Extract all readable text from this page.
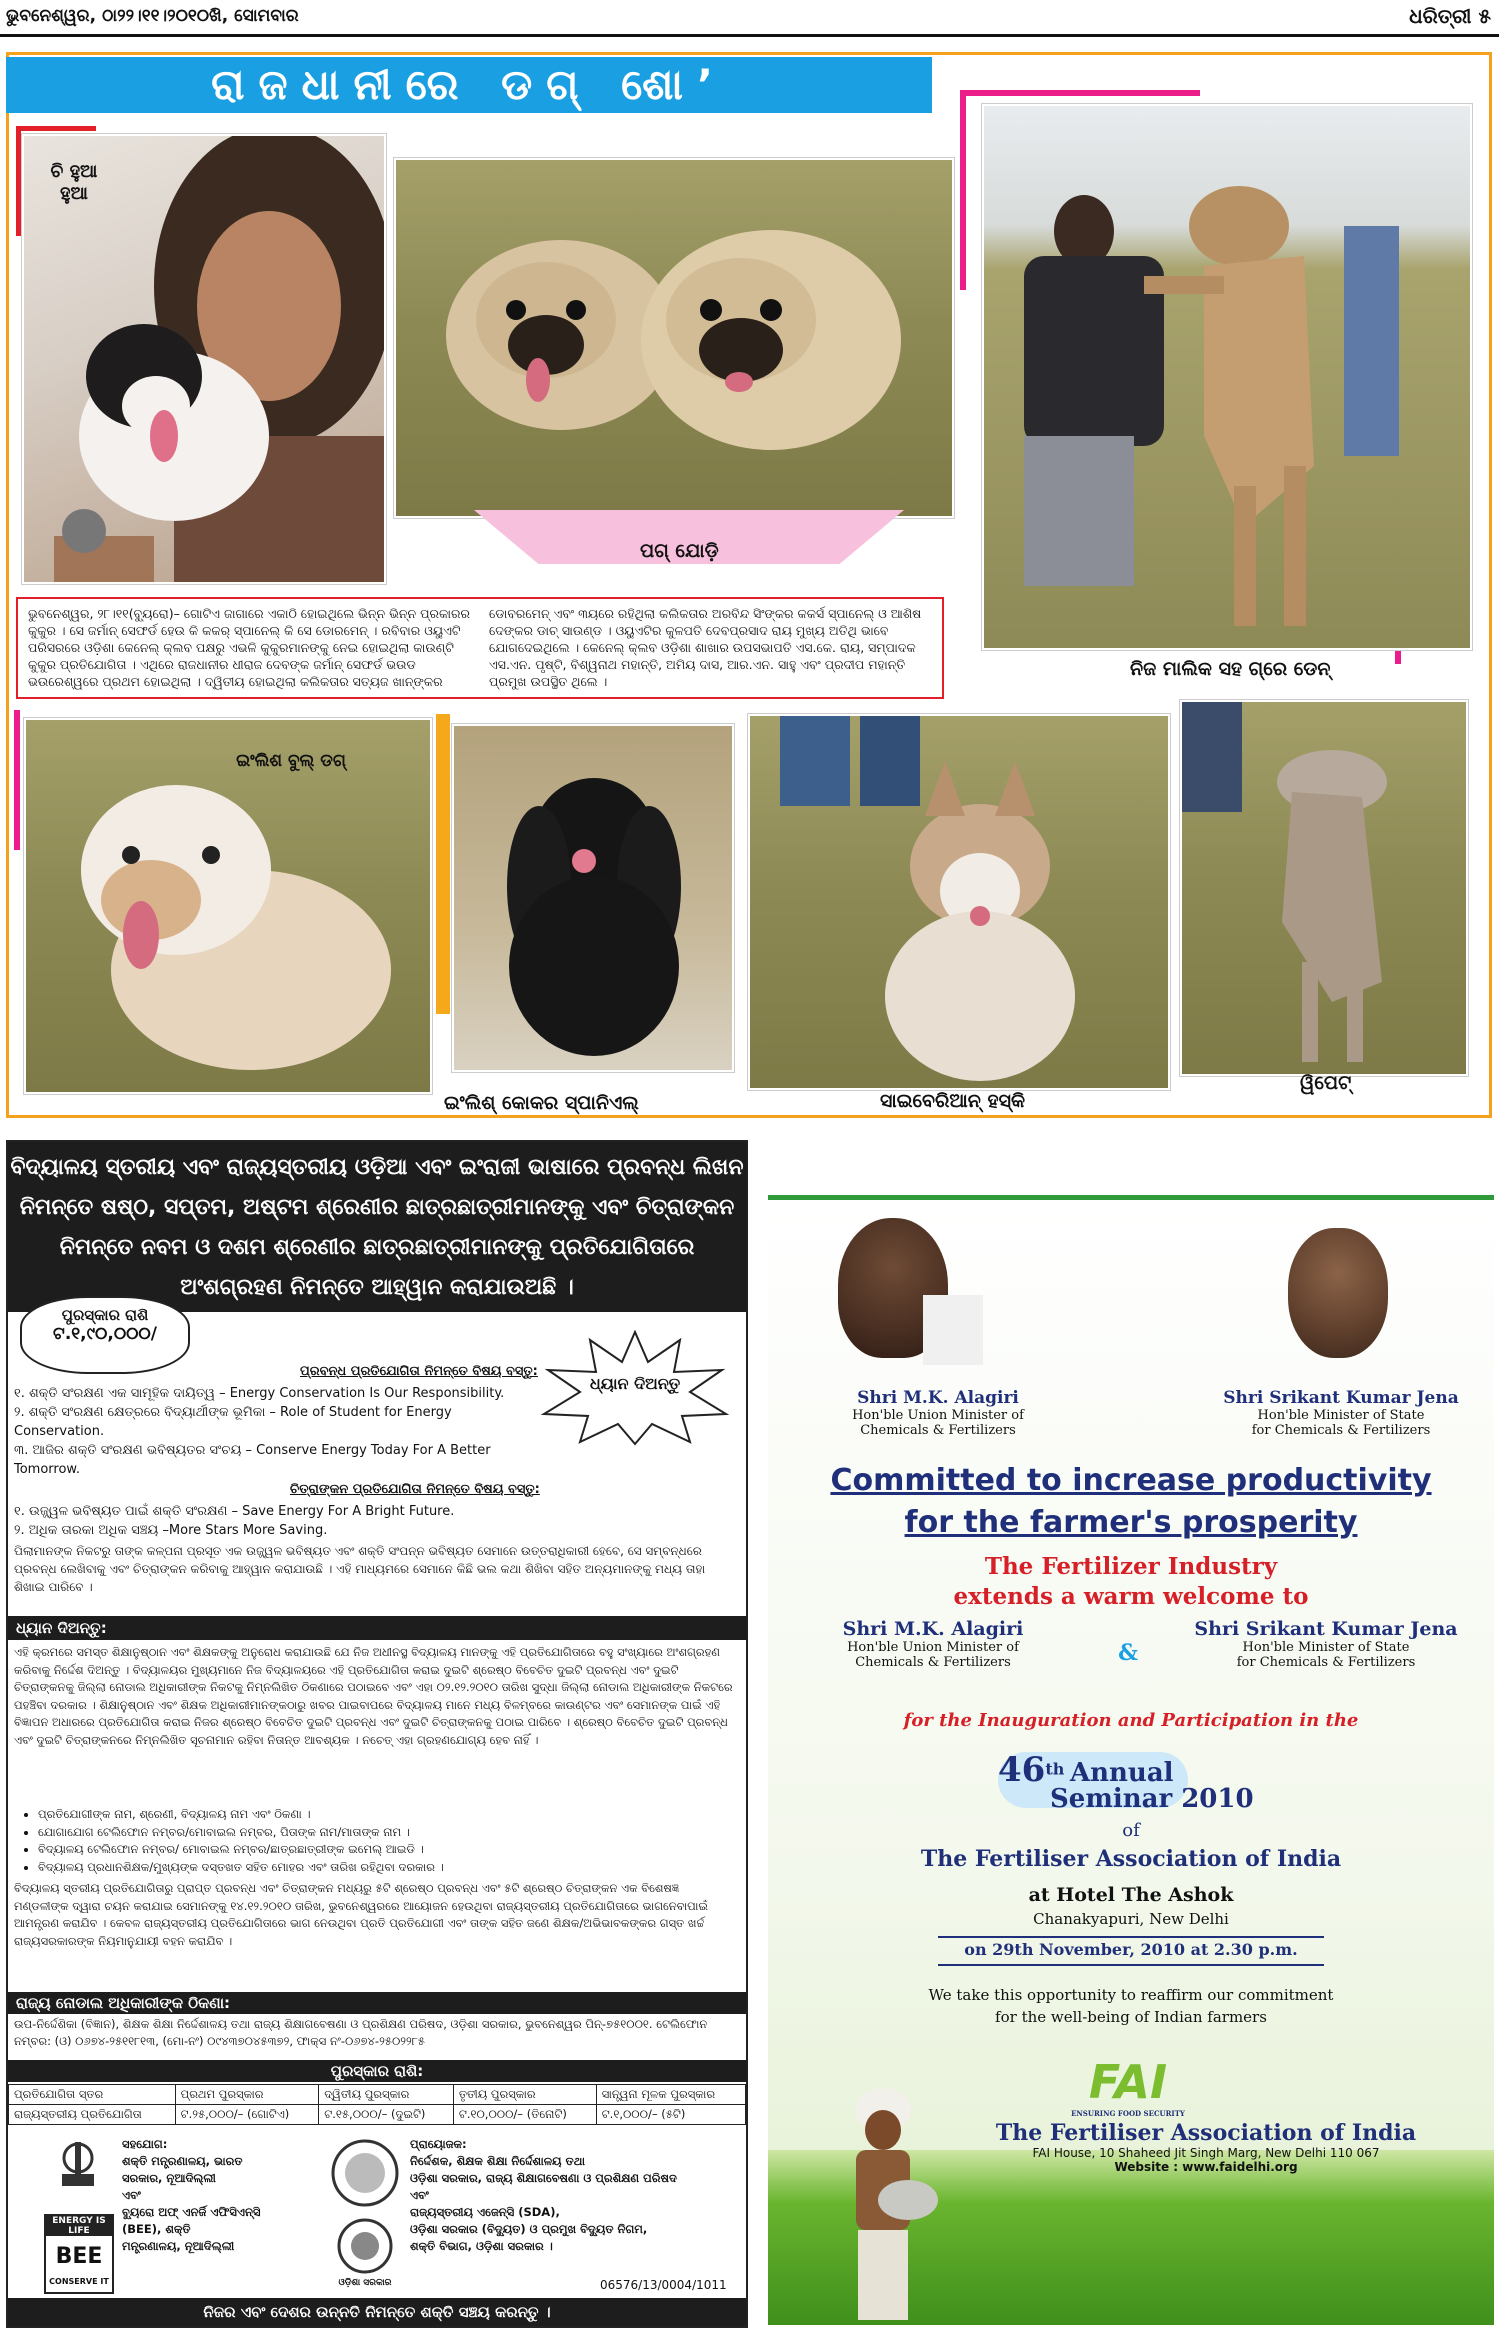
ଭୁବନେଶ୍ୱର, ଠା୨୨।୧୧।୨୦୧୦ଖି, ସୋମବାର	ଧରିତ୍ରୀ ୫
ରାଜଧାନୀରେ ଡଗ୍ ଶୋ’
ଚି ହୁଆ ହୁଆ
ପଗ୍ ଯୋଡ଼ି
ନିଜ ମାଲିକ ସହ ଗ୍ରେ ଡେନ୍
ଭୁବନେଶ୍ୱର, ୨୮।୧୧(ବ୍ୟୁରୋ)– ଗୋଟିଏ ଜାଗାରେ ଏକାଠି ହୋଇଥିଲେ ଭିନ୍ନ ଭିନ୍ନ ପ୍ରକାରର କୁକୁର । ସେ ଜର୍ମାନ୍ ସେଫର୍ଡ ହେଉ କି କକର୍ ସ୍ପାନେଲ୍ କି ସେ ଡୋରମେନ୍ । ରବିବାର ଓୟୁଏଟି ପରିସରରେ ଓଡ଼ିଶା କେନେଲ୍ କ୍ଲବ ପକ୍ଷରୁ ଏଭଳି କୁକୁରମାନଙ୍କୁ ନେଇ ହୋଇଥିଲା କାଉଣ୍ଟି କୁକୁର ପ୍ରତିଯୋଗିତା । ଏଥିରେ ରାଜଧାନୀର ଧୀରାଜ ଦେବଙ୍କ ଜର୍ମାନ୍ ସେଫର୍ଡ ଭଉଡ ଭଉରେଶ୍ୱରେ ପ୍ରଥମ ହୋଇଥିଲା । ଦ୍ୱିତୀୟ ହୋଇଥିଲା କଲିକତାର ସତ୍ୟଜ ଖାନ୍ଙ୍କର ଡୋବରମେନ୍ ଏବଂ ୩ୟରେ ରହିଥିଲା କଲିକତାର ଅରବିନ୍ଦ ସିଂଙ୍କର କକର୍ସ ସ୍ପାନେଲ୍ ଓ ଆଶିଷ ଦେଙ୍କର ଡାଚ୍ ସାଉଣ୍ଡ । ଓୟୁଏଟିର କୁଳପତି ଦେବପ୍ରସାଦ ରାୟ ମୁଖ୍ୟ ଅତିଥି ଭାବେ ଯୋଗଦେଇଥିଲେ । କେନେଲ୍ କ୍ଲବ ଓଡ଼ିଶା ଶାଖାର ଉପସଭାପତି ଏସ.କେ. ରାୟ, ସମ୍ପାଦକ ଏସ.ଏନ. ପୃଷ୍ଟି, ବିଶ୍ୱନାଥ ମହାନ୍ତି, ଅମିୟ ଦାସ, ଆର.ଏନ. ସାହୁ ଏବଂ ପ୍ରଦୀପ ମହାନ୍ତି ପ୍ରମୁଖ ଉପସ୍ଥିତ ଥିଲେ ।
ଇଂଲିଶ ବୁଲ୍ ଡଗ୍
ଇଂଲିଶ୍ କୋକର ସ୍ପାନିଏଲ୍	ସାଇବେରିଆନ୍ ହସ୍କି
ୱିପେଟ୍
ବିଦ୍ୟାଳୟ ସ୍ତରୀୟ ଏବଂ ରାଜ୍ୟସ୍ତରୀୟ ଓଡ଼ିଆ ଏବଂ ଇଂରାଜୀ ଭାଷାରେ ପ୍ରବନ୍ଧ ଲିଖନ ନିମନ୍ତେ ଷଷ୍ଠ, ସପ୍ତମ, ଅଷ୍ଟମ ଶ୍ରେଣୀର ଛାତ୍ରଛାତ୍ରୀମାନଙ୍କୁ ଏବଂ ଚିତ୍ରାଙ୍କନ ନିମନ୍ତେ ନବମ ଓ ଦଶମ ଶ୍ରେଣୀର ଛାତ୍ରଛାତ୍ରୀମାନଙ୍କୁ ପ୍ରତିଯୋଗିତାରେ ଅଂଶଗ୍ରହଣ ନିମନ୍ତେ ଆହ୍ୱାନ କରାଯାଉଅଛି ।
ପୁରସ୍କାର ରାଶି
ଟ.୧,୯୦,୦୦୦/
ଧ୍ୟାନ ଦିଅନ୍ତୁ
ପ୍ରବନ୍ଧ ପ୍ରତିଯୋଗିତା ନିମନ୍ତେ ବିଷୟ ବସ୍ତୁ:
୧. ଶକ୍ତି ସଂରକ୍ଷଣ ଏକ ସାମୂହିକ ଦାୟିତ୍ୱ – Energy Conservation Is Our Responsibility.
୨. ଶକ୍ତି ସଂରକ୍ଷଣ କ୍ଷେତ୍ରରେ ବିଦ୍ୟାର୍ଥୀଙ୍କ ଭୂମିକା – Role of Student for Energy Conservation.
୩. ଆଜିର ଶକ୍ତି ସଂରକ୍ଷଣ ଭବିଷ୍ୟତର ସଂଚୟ – Conserve Energy Today For A Better Tomorrow.
ଚିତ୍ରାଙ୍କନ ପ୍ରତିଯୋଗିତା ନିମନ୍ତେ ବିଷୟ ବସ୍ତୁ:
୧. ଉଜ୍ଜ୍ୱଳ ଭବିଷ୍ୟତ ପାଇଁ ଶକ୍ତି ସଂରକ୍ଷଣ – Save Energy For A Bright Future.
୨. ଅଧିକ ତାରକା ଅଧିକ ସଞ୍ଚୟ –More Stars More Saving.
ପିଲାମାନଙ୍କ ନିକଟରୁ ତାଙ୍କ କଳ୍ପନା ପ୍ରସୂତ ଏକ ଉଜ୍ଜ୍ୱଳ ଭବିଷ୍ୟତ ଏବଂ ଶକ୍ତି ସଂପନ୍ନ ଭବିଷ୍ୟତ ସେମାନେ ଉତ୍ତରାଧିକାରୀ ହେବେ, ସେ ସମ୍ବନ୍ଧରେ ପ୍ରବନ୍ଧ ଲେଖିବାକୁ ଏବଂ ଚିତ୍ରାଙ୍କନ କରିବାକୁ ଆହ୍ୱାନ କରାଯାଉଛି । ଏହି ମାଧ୍ୟମରେ ସେମାନେ କିଛି ଭଲ କଥା ଶିଖିବା ସହିତ ଅନ୍ୟମାନଙ୍କୁ ମଧ୍ୟ ତାହା ଶିଖାଇ ପାରିବେ ।
ଧ୍ୟାନ ଦିଅନ୍ତୁ:
ଏହି କ୍ରମରେ ସମସ୍ତ ଶିକ୍ଷାନୁଷ୍ଠାନ ଏବଂ ଶିକ୍ଷକଙ୍କୁ ଅନୁରୋଧ କରାଯାଉଛି ଯେ ନିଜ ଅଧୀନସ୍ଥ ବିଦ୍ୟାଳୟ ମାନଙ୍କୁ ଏହି ପ୍ରତିଯୋଗିତାରେ ବହୁ ସଂଖ୍ୟାରେ ଅଂଶଗ୍ରହଣ କରିବାକୁ ନିର୍ଦ୍ଦେଶ ଦିଅନ୍ତୁ । ବିଦ୍ୟାଳୟର ମୁଖ୍ୟମାନେ ନିଜ ବିଦ୍ୟାଳୟରେ ଏହି ପ୍ରତିଯୋଗିତା କରାଇ ଦୁଇଟି ଶ୍ରେଷ୍ଠ ବିବେଚିତ ଦୁଇଟି ପ୍ରବନ୍ଧ ଏବଂ ଦୁଇଟି ଚିତ୍ରାଙ୍କନକୁ ଜିଲ୍ଲା ନୋଡାଲ ଅଧିକାରୀଙ୍କ ନିକଟକୁ ନିମ୍ନଲିଖିତ ଠିକଣାରେ ପଠାଇବେ ଏବଂ ଏହା ୦୨.୧୨.୨୦୧୦ ତାରିଖ ସୁଦ୍ଧା ଜିଲ୍ଲା ନୋଡାଲ ଅଧିକାରୀଙ୍କ ନିକଟରେ ପହଞ୍ଚିବା ଦରକାର । ଶିକ୍ଷାନୁଷ୍ଠାନ ଏବଂ ଶିକ୍ଷକ ଅଧିକାରୀମାନଙ୍କଠାରୁ ଖବର ପାଇବାପରେ ବିଦ୍ୟାଳୟ ମାନେ ମଧ୍ୟ ବିଳମ୍ବରେ କାଉଣ୍ଟର ଏବଂ ସେମାନଙ୍କ ପାଇଁ ଏହି ବିଜ୍ଞାପନ ଅଧାରରେ ପ୍ରତିଯୋଗିତା କରାଇ ନିଜର ଶ୍ରେଷ୍ଠ ବିବେଚିତ ଦୁଇଟି ପ୍ରବନ୍ଧ ଏବଂ ଦୁଇଟି ଚିତ୍ରାଙ୍କନକୁ ପଠାଇ ପାରିବେ । ଶ୍ରେଷ୍ଠ ବିବେଚିତ ଦୁଇଟି ପ୍ରବନ୍ଧ ଏବଂ ଦୁଇଟି ଚିତ୍ରାଙ୍କନରେ ନିମ୍ନଲିଖିତ ସୂଚନାମାନ ରହିବା ନିତାନ୍ତ ଆବଶ୍ୟକ । ନଚେତ୍ ଏହା ଗ୍ରହଣଯୋଗ୍ୟ ହେବ ନାହିଁ ।
• ପ୍ରତିଯୋଗୀଙ୍କ ନାମ, ଶ୍ରେଣୀ, ବିଦ୍ୟାଳୟ ନାମ ଏବଂ ଠିକଣା ।
• ଯୋଗାଯୋଗ ଟେଲିଫୋନ ନମ୍ବର/ମୋବାଇଲ ନମ୍ବର, ପିତାଙ୍କ ନାମ/ମାତାଙ୍କ ନାମ ।
• ବିଦ୍ୟାଳୟ ଟେଲିଫୋନ ନମ୍ବର/ ମୋବାଇଲ ନମ୍ବର/ଛାତ୍ରଛାତ୍ରୀଙ୍କ ଇମେଲ୍ ଆଇଡି ।
• ବିଦ୍ୟାଳୟ ପ୍ରଧାନଶିକ୍ଷକ/ମୁଖ୍ୟଙ୍କ ଦସ୍ତଖତ ସହିତ ମୋହର ଏବଂ ତାରିଖ ରହିଥିବା ଦରକାର ।
ବିଦ୍ୟାଳୟ ସ୍ତରୀୟ ପ୍ରତିଯୋଗିତାରୁ ପ୍ରାପ୍ତ ପ୍ରବନ୍ଧ ଏବଂ ଚିତ୍ରାଙ୍କନ ମଧ୍ୟରୁ ୫ଟି ଶ୍ରେଷ୍ଠ ପ୍ରବନ୍ଧ ଏବଂ ୫ଟି ଶ୍ରେଷ୍ଠ ଚିତ୍ରାଙ୍କନ ଏକ ବିଶେଷଜ୍ଞ ମଣ୍ଡଳୀଙ୍କ ଦ୍ୱାରା ଚୟନ କରାଯାଇ ସେମାନଙ୍କୁ ୧୪.୧୨.୨୦୧୦ ତାରିଖ, ଭୁବନେଶ୍ୱରରେ ଆୟୋଜନ ହେଉଥିବା ରାଜ୍ୟସ୍ତରୀୟ ପ୍ରତିଯୋଗିତାରେ ଭାଗନେବାପାଇଁ ଆମନ୍ତ୍ରଣ କରାଯିବ । କେବଳ ରାଜ୍ୟସ୍ତରୀୟ ପ୍ରତିଯୋଗିତାରେ ଭାଗ ନେଉଥିବା ପ୍ରତି ପ୍ରତିଯୋଗୀ ଏବଂ ତାଙ୍କ ସହିତ ଜଣେ ଶିକ୍ଷକ/ଅଭିଭାବକଙ୍କର ଗସ୍ତ ଖର୍ଚ୍ଚ ରାଜ୍ୟସରକାରଙ୍କ ନିୟମାନୁଯାୟୀ ବହନ କରାଯିବ ।
ରାଜ୍ୟ ନୋଡାଲ ଅଧିକାରୀଙ୍କ ଠିକଣା:
ଉପ-ନିର୍ଦ୍ଦେଶିକା (ବିଜ୍ଞାନ), ଶିକ୍ଷକ ଶିକ୍ଷା ନିର୍ଦ୍ଦେଶାଳୟ ତଥା ରାଜ୍ୟ ଶିକ୍ଷାଗବେଷଣା ଓ ପ୍ରଶିକ୍ଷଣ ପରିଷଦ, ଓଡ଼ିଶା ସରକାର, ଭୁବନେଶ୍ୱର ପିନ୍-୭୫୧୦୦୧. ଟେଲିଫୋନ ନମ୍ବର: (ଓ) ୦୬୭୪-୨୫୧୧୮୧୩, (ମୋ-ନଂ) ୦୯୪୩୭୦୪୫୩୭୨, ଫାକ୍ସ ନଂ-୦୬୭୪-୨୫୦୨୨୮୫
ପୁରସ୍କାର ରାଶି:
ପ୍ରତିଯୋଗିତା ସ୍ତର	ପ୍ରଥମ ପୁରସ୍କାର	ଦ୍ୱିତୀୟ ପୁରସ୍କାର	ତୃତୀୟ ପୁରସ୍କାର	ସାନ୍ତ୍ୱନା ମୂଳକ ପୁରସ୍କାର
ରାଜ୍ୟସ୍ତରୀୟ ପ୍ରତିଯୋଗିତା	ଟ.୨୫,୦୦୦/– (ଗୋଟିଏ)	ଟ.୧୫,୦୦୦/– (ଦୁଇଟି)	ଟ.୧୦,୦୦୦/– (ତିନୋଟି)	ଟ.୧,୦୦୦/– (୫ଟି)
ENERGY IS LIFE
BEE
CONSERVE IT
ସହଯୋଗ:
ଶକ୍ତି ମନ୍ତ୍ରଣାଳୟ, ଭାରତ
ସରକାର, ନୂଆଦିଲ୍ଲୀ
ଏବଂ
ବ୍ୟୁରୋ ଅଫ୍ ଏନର୍ଜି ଏଫିସିଏନ୍ସି
(BEE), ଶକ୍ତି
ମନ୍ତ୍ରଣାଳୟ, ନୂଆଦିଲ୍ଲୀ
ଓଡ଼ିଶା ସରକାର
ପ୍ରାୟୋଜକ:
ନିର୍ଦ୍ଦେଶକ, ଶିକ୍ଷକ ଶିକ୍ଷା ନିର୍ଦ୍ଦେଶାଳୟ ତଥା
ଓଡ଼ିଶା ସରକାର, ରାଜ୍ୟ ଶିକ୍ଷାଗବେଷଣା ଓ ପ୍ରଶିକ୍ଷଣ ପରିଷଦ
ଏବଂ
ରାଜ୍ୟସ୍ତରୀୟ ଏଜେନ୍ସି (SDA),
ଓଡ଼ିଶା ସରକାର (ବିଦ୍ୟୁତ) ଓ ପ୍ରମୁଖ ବିଦ୍ୟୁତ ନିଗମ,
ଶକ୍ତି ବିଭାଗ, ଓଡ଼ିଶା ସରକାର ।
06576/13/0004/1011
ନିଜର ଏବଂ ଦେଶର ଉନ୍ନତି ନିମନ୍ତେ ଶକ୍ତି ସଞ୍ଚୟ କରନ୍ତୁ ।
Shri M.K. Alagiri
Hon'ble Union Minister of
Chemicals & Fertilizers
Shri Srikant Kumar Jena
Hon'ble Minister of State
for Chemicals & Fertilizers
Committed to increase productivity
for the farmer's prosperity
The Fertilizer Industry
extends a warm welcome to
Shri M.K. Alagiri
Hon'ble Union Minister of
Chemicals & Fertilizers	&
Shri Srikant Kumar Jena
Hon'ble Minister of State
for Chemicals & Fertilizers
for the Inauguration and Participation in the
46th Annual
Seminar 2010
of
The Fertiliser Association of India
at Hotel The Ashok
Chanakyapuri, New Delhi
on 29th November, 2010 at 2.30 p.m.
We take this opportunity to reaffirm our commitment
for the well-being of Indian farmers
FAI
ENSURING FOOD SECURITY
The Fertiliser Association of India
FAI House, 10 Shaheed Jit Singh Marg, New Delhi 110 067
Website : www.faidelhi.org
